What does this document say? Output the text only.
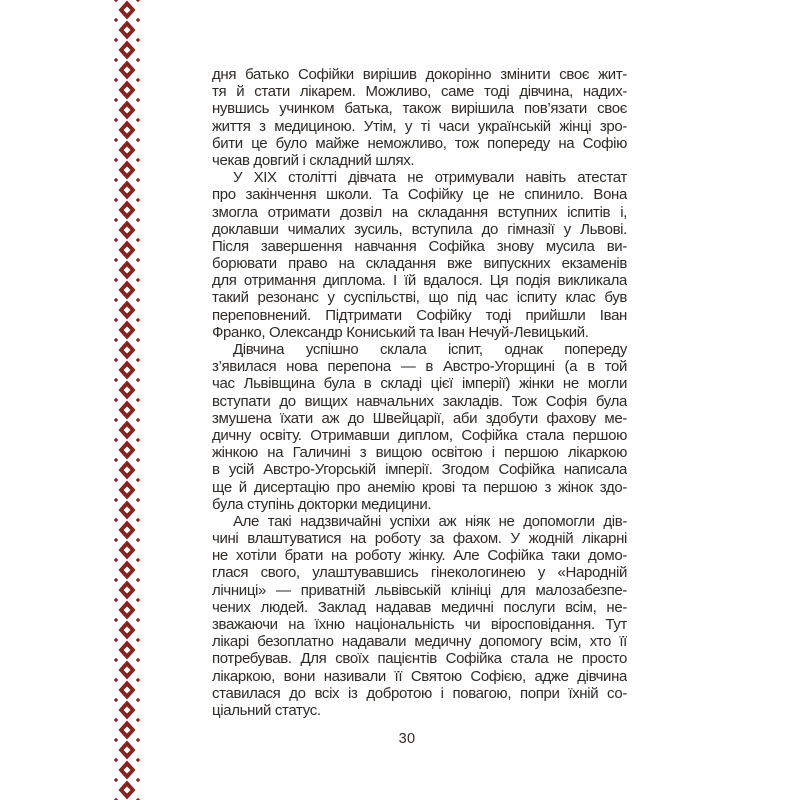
дня батько Софійки вирішив докорінно змінити своє жит-
тя й стати лікарем. Можливо, саме тоді дівчина, надих-
нувшись учинком батька, також вирішила пов’язати своє
життя з медициною. Утім, у ті часи українській жінці зро-
бити це було майже неможливо, тож попереду на Софію
чекав довгий і складний шлях.
У XIX столітті дівчата не отримували навіть атестат
про закінчення школи. Та Софійку це не спинило. Вона
змогла отримати дозвіл на складання вступних іспитів і,
доклавши чималих зусиль, вступила до гімназії у Львові.
Після завершення навчання Софійка знову мусила ви-
борювати право на складання вже випускних екзаменів
для отримання диплома. І їй вдалося. Ця подія викликала
такий резонанс у суспільстві, що під час іспиту клас був
переповнений. Підтримати Софійку тоді прийшли Іван
Франко, Олександр Кониський та Іван Нечуй-Левицький.
Дівчина успішно склала іспит, однак попереду
з’явилася нова перепона — в Австро-Угорщині (а в той
час Львівщина була в складі цієї імперії) жінки не могли
вступати до вищих навчальних закладів. Тож Софія була
змушена їхати аж до Швейцарії, аби здобути фахову ме-
дичну освіту. Отримавши диплом, Софійка стала першою
жінкою на Галичині з вищою освітою і першою лікаркою
в усій Австро-Угорській імперії. Згодом Софійка написала
ще й дисертацію про анемію крові та першою з жінок здо-
була ступінь докторки медицини.
Але такі надзвичайні успіхи аж ніяк не допомогли дів-
чині влаштуватися на роботу за фахом. У жодній лікарні
не хотіли брати на роботу жінку. Але Софійка таки домо-
глася свого, улаштувавшись гінекологинею у «Народній
лічниці» — приватній львівській клініці для малозабезпе-
чених людей. Заклад надавав медичні послуги всім, не-
зважаючи на їхню національність чи віросповідання. Тут
лікарі безоплатно надавали медичну допомогу всім, хто її
потребував. Для своїх пацієнтів Софійка стала не просто
лікаркою, вони називали її Святою Софією, адже дівчина
ставилася до всіх із добротою і повагою, попри їхній со-
ціальний статус.
30
